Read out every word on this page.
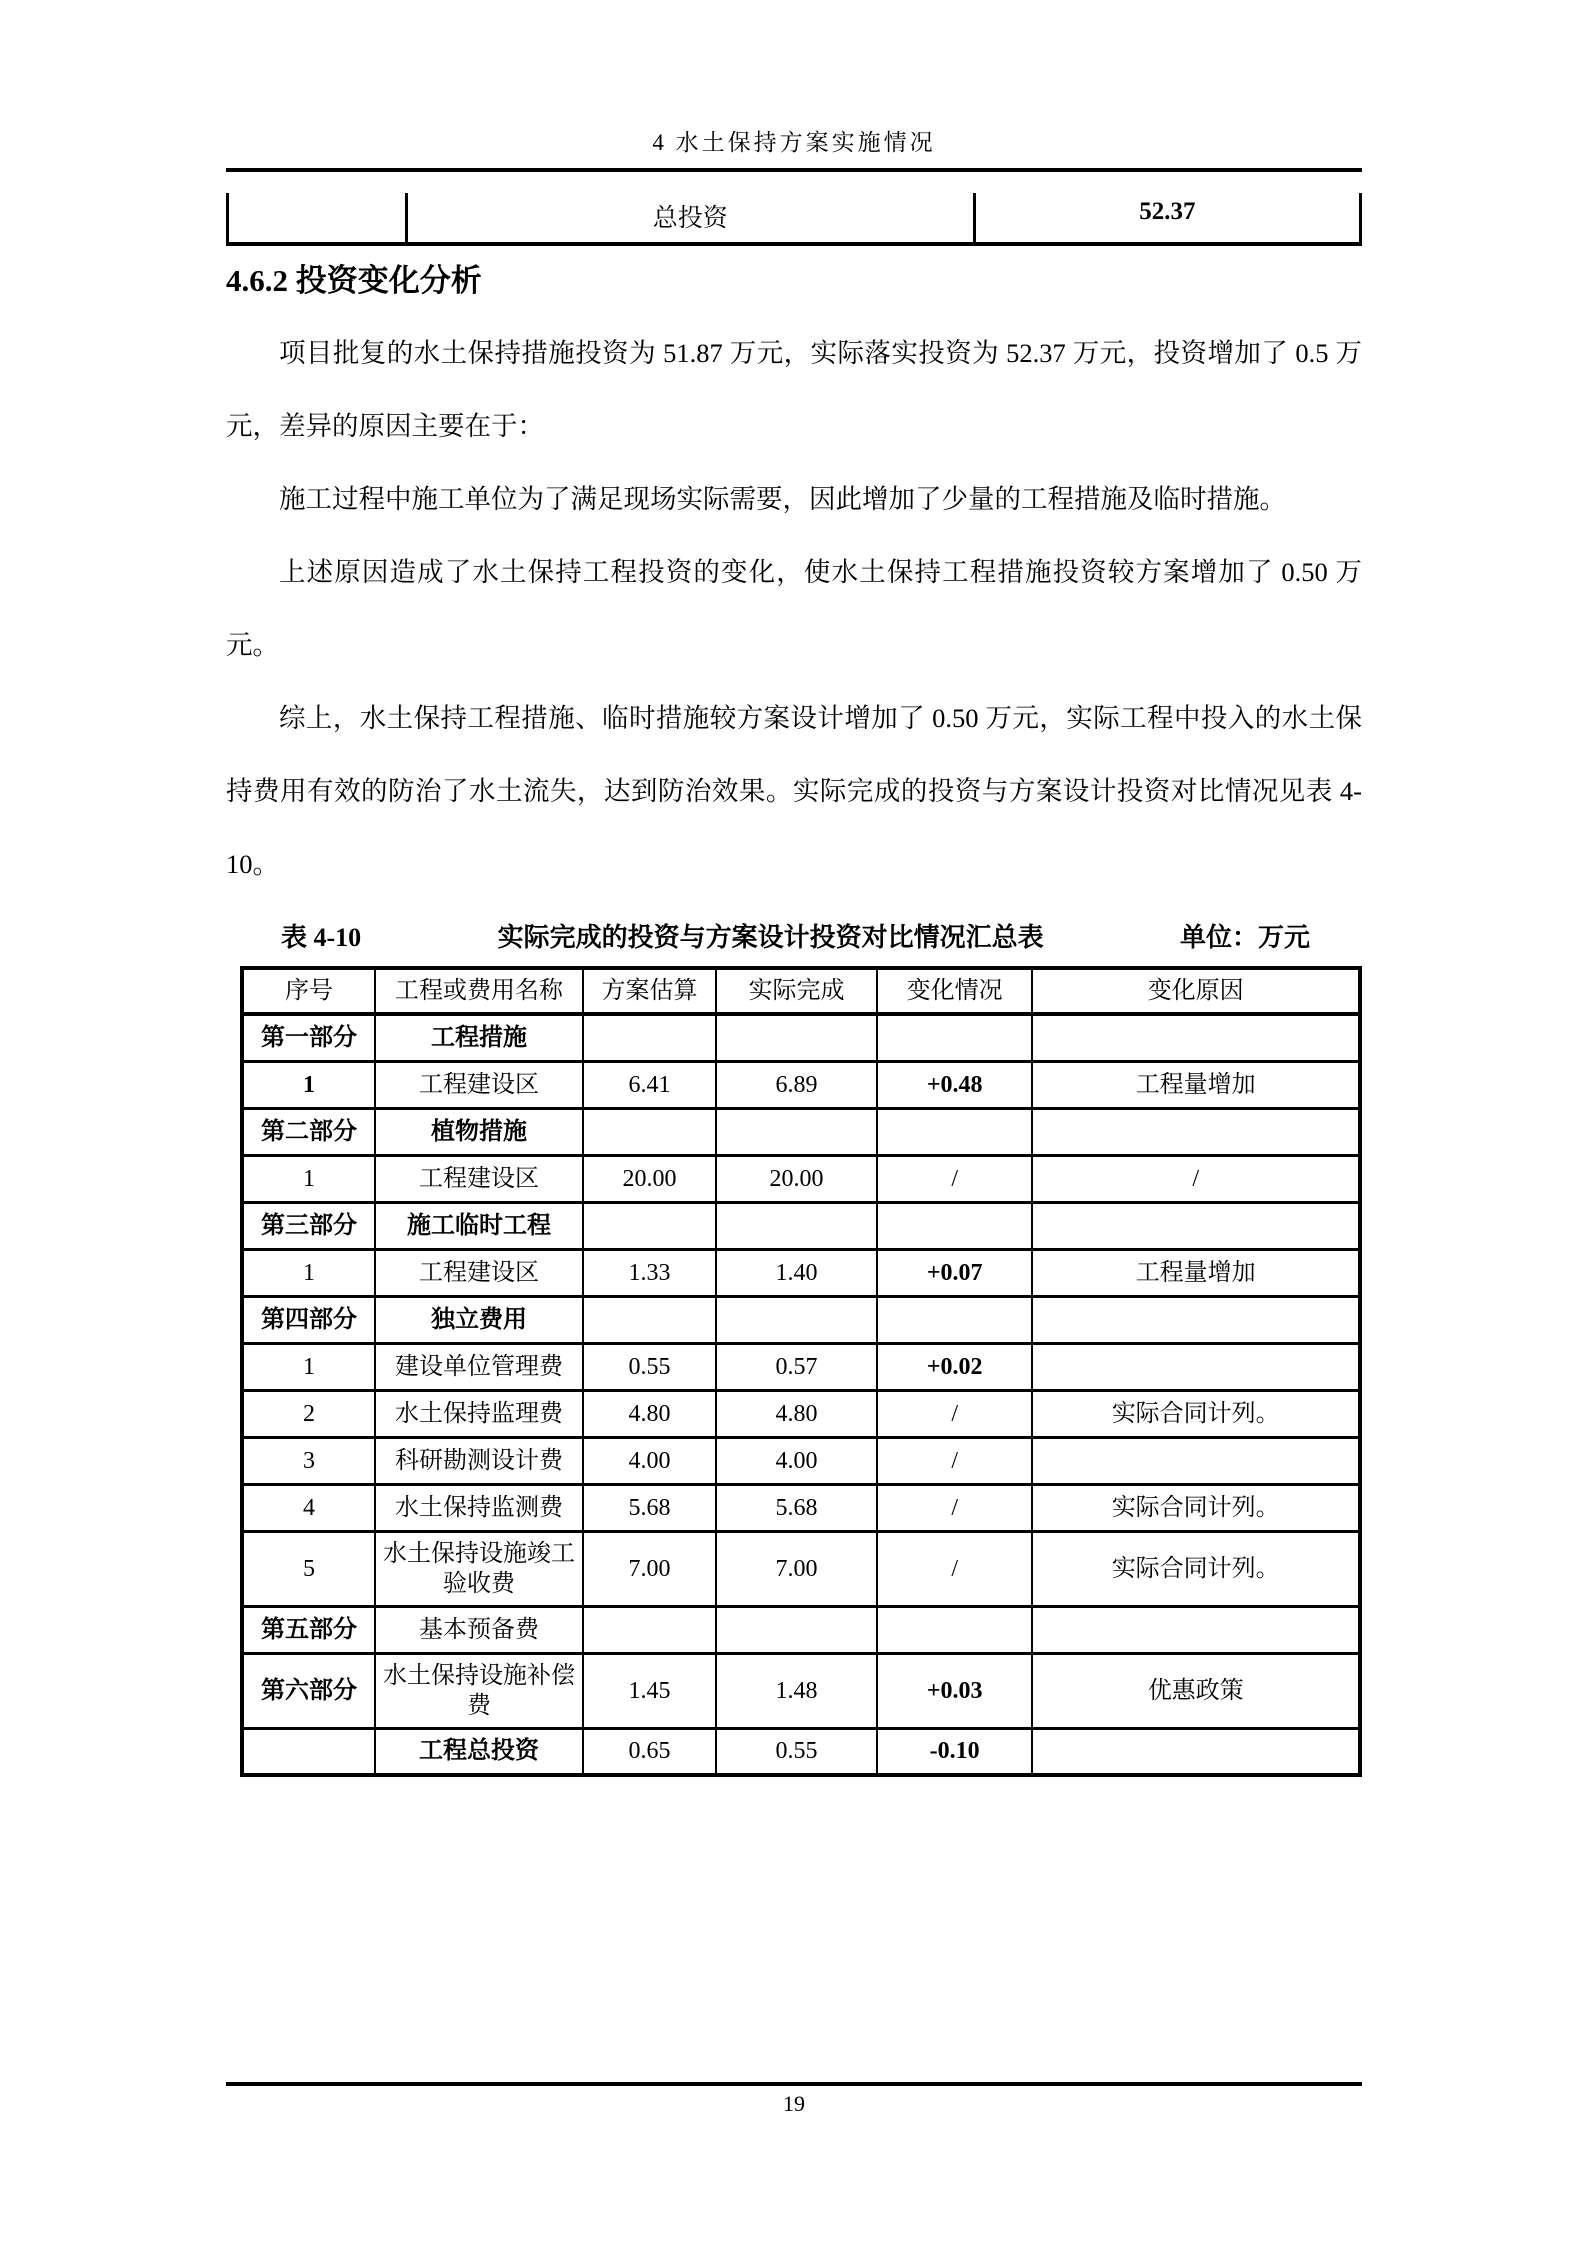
4 水土保持方案实施情况
总投资	52.37
4.6.2 投资变化分析

项目批复的水土保持措施投资为 51.87 万元，实际落实投资为 52.37 万元，投资增加了 0.5 万元，差异的原因主要在于：

施工过程中施工单位为了满足现场实际需要，因此增加了少量的工程措施及临时措施。

上述原因造成了水土保持工程投资的变化，使水土保持工程措施投资较方案增加了 0.50 万元。

综上，水土保持工程措施、临时措施较方案设计增加了 0.50 万元，实际工程中投入的水土保持费用有效的防治了水土流失，达到防治效果。实际完成的投资与方案设计投资对比情况见表 4-10。

表 4-10	实际完成的投资与方案设计投资对比情况汇总表	单位：万元
序号	工程或费用名称	方案估算	实际完成	变化情况	变化原因
第一部分	工程措施				
1	工程建设区	6.41	6.89	+0.48	工程量增加
第二部分	植物措施				
1	工程建设区	20.00	20.00	/	/
第三部分	施工临时工程				
1	工程建设区	1.33	1.40	+0.07	工程量增加
第四部分	独立费用				
1	建设单位管理费	0.55	0.57	+0.02	
2	水土保持监理费	4.80	4.80	/	实际合同计列。
3	科研勘测设计费	4.00	4.00	/	
4	水土保持监测费	5.68	5.68	/	实际合同计列。
5	水土保持设施竣工验收费	7.00	7.00	/	实际合同计列。
第五部分	基本预备费				
第六部分	水土保持设施补偿费	1.45	1.48	+0.03	优惠政策
	工程总投资	0.65	0.55	-0.10	
19
